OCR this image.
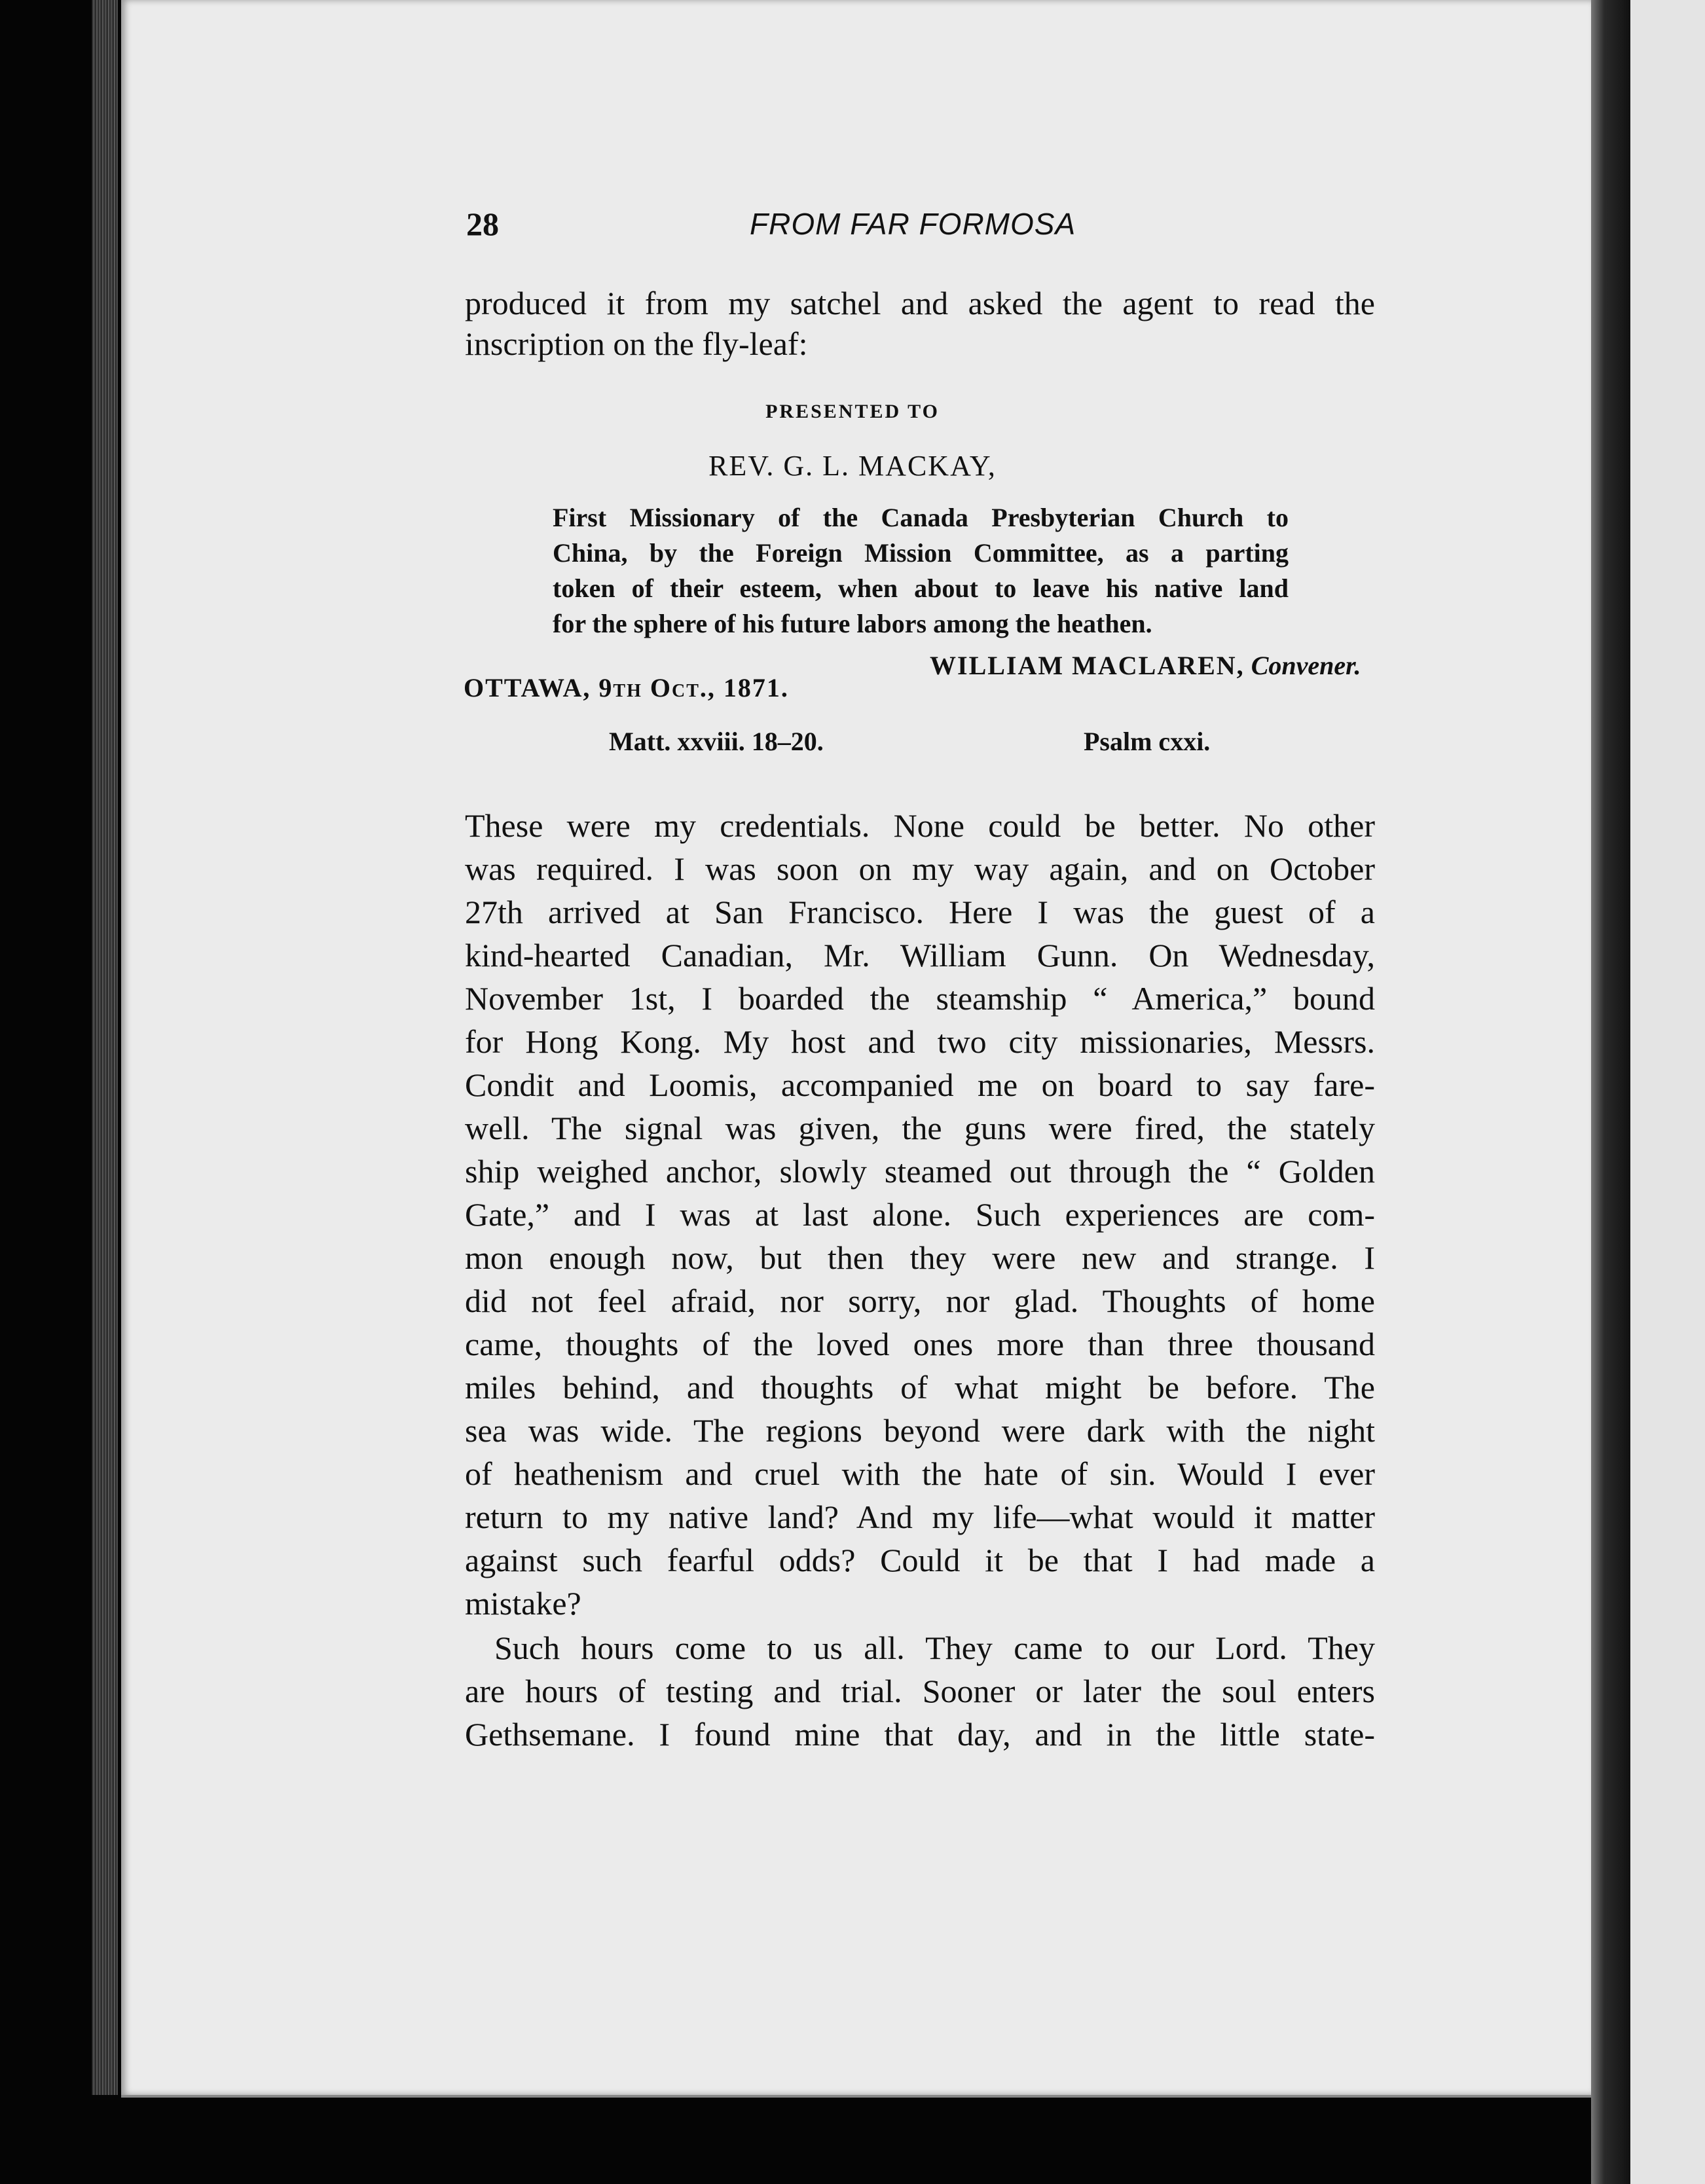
28	FROM FAR FORMOSA
produced it from my satchel and asked the agent to read the
inscription on the fly-leaf:
PRESENTED TO
REV. G. L. MACKAY,
First Missionary of the Canada Presbyterian Church to
China, by the Foreign Mission Committee, as a parting
token of their esteem, when about to leave his native land
for the sphere of his future labors among the heathen.
WILLIAM MACLAREN, Convener.
OTTAWA, 9th Oct., 1871.
Matt. xxviii. 18–20.	Psalm cxxi.
These were my credentials. None could be better. No other
was required. I was soon on my way again, and on October
27th arrived at San Francisco. Here I was the guest of a
kind-hearted Canadian, Mr. William Gunn. On Wednesday,
November 1st, I boarded the steamship “ America,” bound
for Hong Kong. My host and two city missionaries, Messrs.
Condit and Loomis, accompanied me on board to say fare-
well. The signal was given, the guns were fired, the stately
ship weighed anchor, slowly steamed out through the “ Golden
Gate,” and I was at last alone. Such experiences are com-
mon enough now, but then they were new and strange. I
did not feel afraid, nor sorry, nor glad. Thoughts of home
came, thoughts of the loved ones more than three thousand
miles behind, and thoughts of what might be before. The
sea was wide. The regions beyond were dark with the night
of heathenism and cruel with the hate of sin. Would I ever
return to my native land? And my life—what would it matter
against such fearful odds? Could it be that I had made a
mistake?
Such hours come to us all. They came to our Lord. They
are hours of testing and trial. Sooner or later the soul enters
Gethsemane. I found mine that day, and in the little state-
